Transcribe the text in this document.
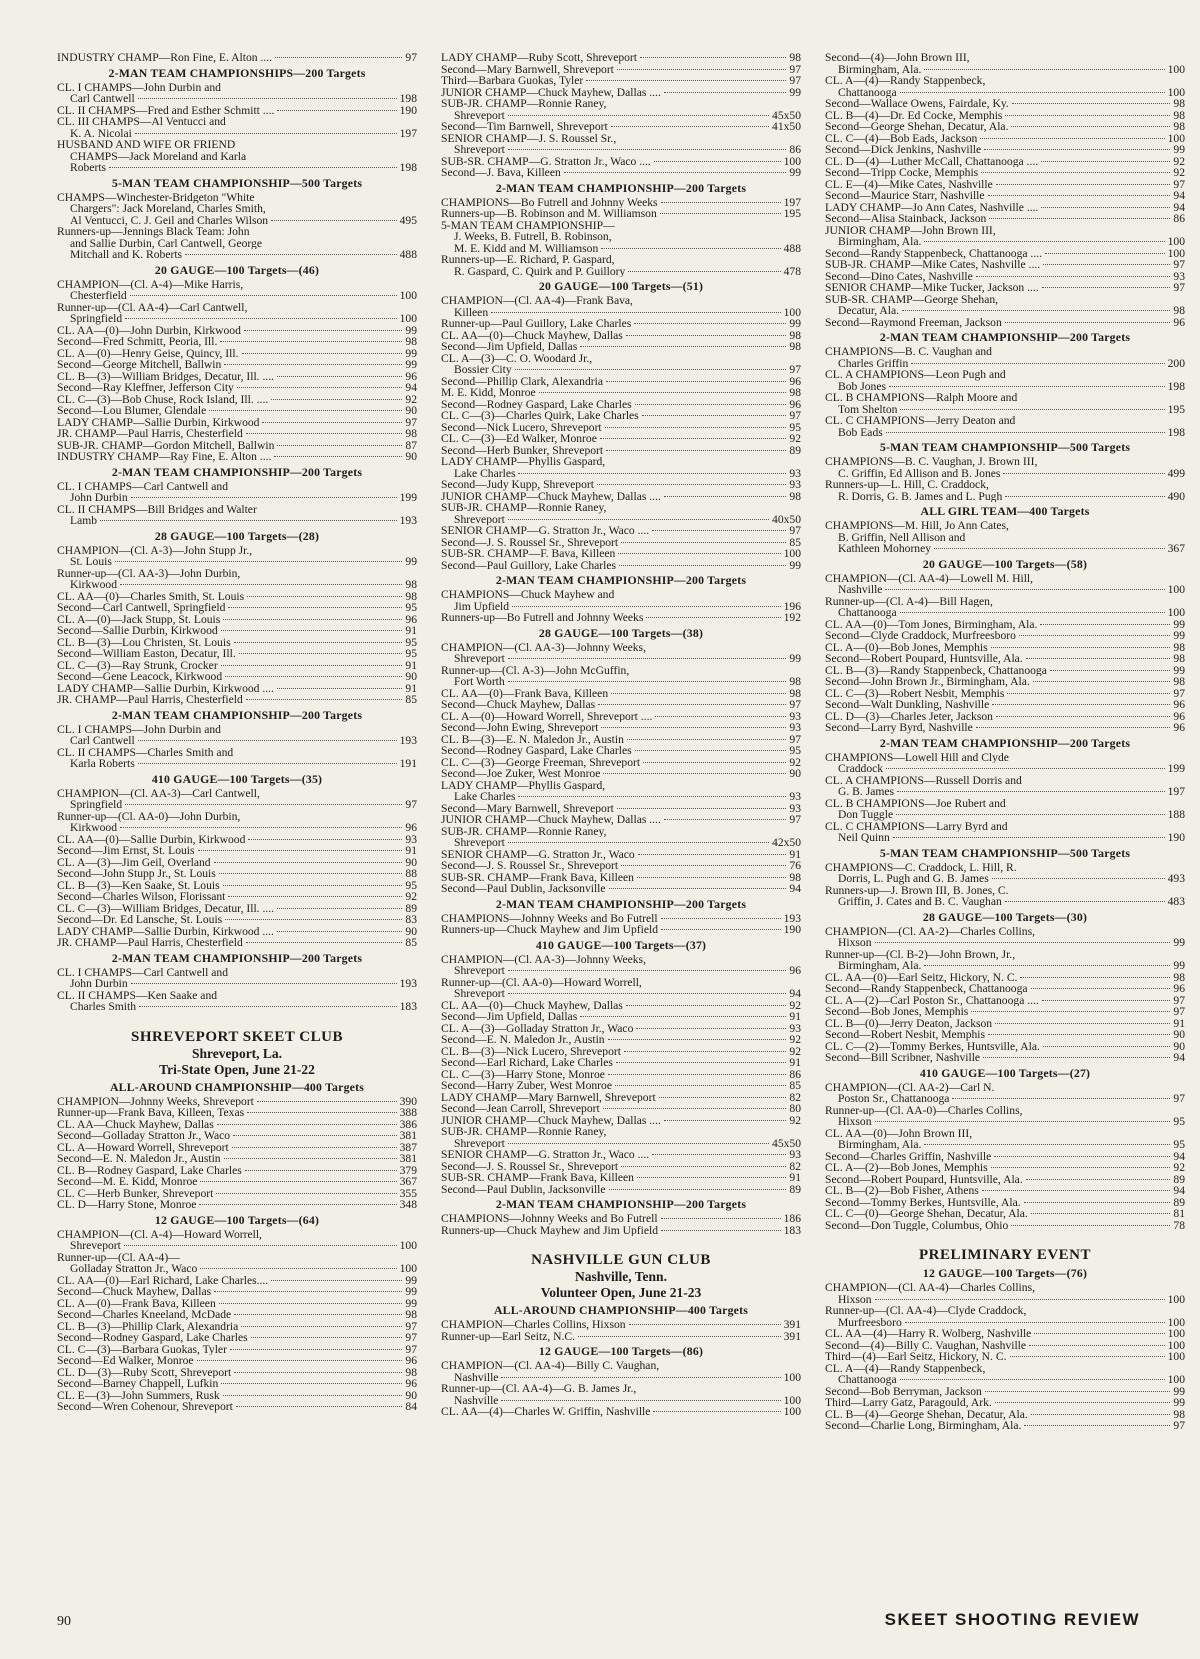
INDUSTRY CHAMP—Ron Fine, E. Alton ....	97
2-MAN TEAM CHAMPIONSHIPS—200 Targets
CL. I CHAMPS—John Durbin and
Carl Cantwell	198
CL. II CHAMPS—Fred and Esther Schmitt ....	190
CL. III CHAMPS—Al Ventucci and
K. A. Nicolai	197
HUSBAND AND WIFE OR FRIEND
CHAMPS—Jack Moreland and Karla
Roberts	198
5-MAN TEAM CHAMPIONSHIP—500 Targets
CHAMPS—Winchester-Bridgeton "White
Chargers": Jack Moreland, Charles Smith,
Al Ventucci, C. J. Geil and Charles Wilson	495
Runners-up—Jennings Black Team: John
and Sallie Durbin, Carl Cantwell, George
Mitchall and K. Roberts	488
20 GAUGE—100 Targets—(46)
CHAMPION—(Cl. A-4)—Mike Harris,
Chesterfield	100
Runner-up—(Cl. AA-4)—Carl Cantwell,
Springfield	100
CL. AA—(0)—John Durbin, Kirkwood	99
Second—Fred Schmitt, Peoria, Ill.	98
CL. A—(0)—Henry Geise, Quincy, Ill.	99
Second—George Mitchell, Ballwin	99
CL. B—(3)—William Bridges, Decatur, Ill. ....	96
Second—Ray Kleffner, Jefferson City	94
CL. C—(3)—Bob Chuse, Rock Island, Ill. ....	92
Second—Lou Blumer, Glendale	90
LADY CHAMP—Sallie Durbin, Kirkwood	97
JR. CHAMP—Paul Harris, Chesterfield	98
SUB-JR. CHAMP—Gordon Mitchell, Ballwin	87
INDUSTRY CHAMP—Ray Fine, E. Alton ....	90
2-MAN TEAM CHAMPIONSHIP—200 Targets
CL. I CHAMPS—Carl Cantwell and
John Durbin	199
CL. II CHAMPS—Bill Bridges and Walter
Lamb	193
28 GAUGE—100 Targets—(28)
CHAMPION—(Cl. A-3)—John Stupp Jr.,
St. Louis	99
Runner-up—(Cl. AA-3)—John Durbin,
Kirkwood	98
CL. AA—(0)—Charles Smith, St. Louis	98
Second—Carl Cantwell, Springfield	95
CL. A—(0)—Jack Stupp, St. Louis	96
Second—Sallie Durbin, Kirkwood	91
CL. B—(3)—Lou Christen, St. Louis	95
Second—William Easton, Decatur, Ill.	95
CL. C—(3)—Ray Strunk, Crocker	91
Second—Gene Leacock, Kirkwood	90
LADY CHAMP—Sallie Durbin, Kirkwood ....	91
JR. CHAMP—Paul Harris, Chesterfield	85
2-MAN TEAM CHAMPIONSHIP—200 Targets
CL. I CHAMPS—John Durbin and
Carl Cantwell	193
CL. II CHAMPS—Charles Smith and
Karla Roberts	191
410 GAUGE—100 Targets—(35)
CHAMPION—(Cl. AA-3)—Carl Cantwell,
Springfield	97
Runner-up—(Cl. AA-0)—John Durbin,
Kirkwood	96
CL. AA—(0)—Sallie Durbin, Kirkwood	93
Second—Jim Ernst, St. Louis	91
CL. A—(3)—Jim Geil, Overland	90
Second—John Stupp Jr., St. Louis	88
CL. B—(3)—Ken Saake, St. Louis	95
Second—Charles Wilson, Florissant	92
CL. C—(3)—William Bridges, Decatur, Ill. ....	89
Second—Dr. Ed Lansche, St. Louis	83
LADY CHAMP—Sallie Durbin, Kirkwood ....	90
JR. CHAMP—Paul Harris, Chesterfield	85
2-MAN TEAM CHAMPIONSHIP—200 Targets
CL. I CHAMPS—Carl Cantwell and
John Durbin	193
CL. II CHAMPS—Ken Saake and
Charles Smith	183
SHREVEPORT SKEET CLUB
Shreveport, La.
Tri-State Open, June 21-22
ALL-AROUND CHAMPIONSHIP—400 Targets
CHAMPION—Johnny Weeks, Shreveport	390
Runner-up—Frank Bava, Killeen, Texas	388
CL. AA—Chuck Mayhew, Dallas	386
Second—Golladay Stratton Jr., Waco	381
CL. A—Howard Worrell, Shreveport	387
Second—E. N. Maledon Jr., Austin	381
CL. B—Rodney Gaspard, Lake Charles	379
Second—M. E. Kidd, Monroe	367
CL. C—Herb Bunker, Shreveport	355
CL. D—Harry Stone, Monroe	348
12 GAUGE—100 Targets—(64)
CHAMPION—(Cl. A-4)—Howard Worrell,
Shreveport	100
Runner-up—(Cl. AA-4)—
Golladay Stratton Jr., Waco	100
CL. AA—(0)—Earl Richard, Lake Charles....	99
Second—Chuck Mayhew, Dallas	99
CL. A—(0)—Frank Bava, Killeen	99
Second—Charles Kneeland, McDade	98
CL. B—(3)—Phillip Clark, Alexandria	97
Second—Rodney Gaspard, Lake Charles	97
CL. C—(3)—Barbara Guokas, Tyler	97
Second—Ed Walker, Monroe	96
CL. D—(3)—Ruby Scott, Shreveport	98
Second—Barney Chappell, Lufkin	96
CL. E—(3)—John Summers, Rusk	90
Second—Wren Cohenour, Shreveport	84
LADY CHAMP—Ruby Scott, Shreveport	98
Second—Mary Barnwell, Shreveport	97
Third—Barbara Guokas, Tyler	97
JUNIOR CHAMP—Chuck Mayhew, Dallas ....	99
SUB-JR. CHAMP—Ronnie Raney,
Shreveport	45x50
Second—Tim Barnwell, Shreveport	41x50
SENIOR CHAMP—J. S. Roussel Sr.,
Shreveport	86
SUB-SR. CHAMP—G. Stratton Jr., Waco ....	100
Second—J. Bava, Killeen	99
2-MAN TEAM CHAMPIONSHIP—200 Targets
CHAMPIONS—Bo Futrell and Johnny Weeks	197
Runners-up—B. Robinson and M. Williamson	195
5-MAN TEAM CHAMPIONSHIP—
J. Weeks, B. Futrell, B. Robinson,
M. E. Kidd and M. Williamson	488
Runners-up—E. Richard, P. Gaspard,
R. Gaspard, C. Quirk and P. Guillory	478
20 GAUGE—100 Targets—(51)
CHAMPION—(Cl. AA-4)—Frank Bava,
Killeen	100
Runner-up—Paul Guillory, Lake Charles	99
CL. AA—(0)—Chuck Mayhew, Dallas	98
Second—Jim Upfield, Dallas	98
CL. A—(3)—C. O. Woodard Jr.,
Bossier City	97
Second—Phillip Clark, Alexandria	96
M. E. Kidd, Monroe	98
Second—Rodney Gaspard, Lake Charles	96
CL. C—(3)—Charles Quirk, Lake Charles	97
Second—Nick Lucero, Shreveport	95
CL. C—(3)—Ed Walker, Monroe	92
Second—Herb Bunker, Shreveport	89
LADY CHAMP—Phyllis Gaspard,
Lake Charles	93
Second—Judy Kupp, Shreveport	93
JUNIOR CHAMP—Chuck Mayhew, Dallas ....	98
SUB-JR. CHAMP—Ronnie Raney,
Shreveport	40x50
SENIOR CHAMP—G. Stratton Jr., Waco ....	97
Second—J. S. Roussel Sr., Shreveport	85
SUB-SR. CHAMP—F. Bava, Killeen	100
Second—Paul Guillory, Lake Charles	99
2-MAN TEAM CHAMPIONSHIP—200 Targets
CHAMPIONS—Chuck Mayhew and
Jim Upfield	196
Runners-up—Bo Futrell and Johnny Weeks	192
28 GAUGE—100 Targets—(38)
CHAMPION—(Cl. AA-3)—Johnny Weeks,
Shreveport	99
Runner-up—(Cl. A-3)—John McGuffin,
Fort Worth	98
CL. AA—(0)—Frank Bava, Killeen	98
Second—Chuck Mayhew, Dallas	97
CL. A—(0)—Howard Worrell, Shreveport ....	93
Second—John Ewing, Shreveport	93
CL. B—(3)—E. N. Maledon Jr., Austin	97
Second—Rodney Gaspard, Lake Charles	95
CL. C—(3)—George Freeman, Shreveport	92
Second—Joe Zuker, West Monroe	90
LADY CHAMP—Phyllis Gaspard,
Lake Charles	93
Second—Mary Barnwell, Shreveport	93
JUNIOR CHAMP—Chuck Mayhew, Dallas ....	97
SUB-JR. CHAMP—Ronnie Raney,
Shreveport	42x50
SENIOR CHAMP—G. Stratton Jr., Waco	91
Second—J. S. Roussel Sr., Shreveport	76
SUB-SR. CHAMP—Frank Bava, Killeen	98
Second—Paul Dublin, Jacksonville	94
2-MAN TEAM CHAMPIONSHIP—200 Targets
CHAMPIONS—Johnny Weeks and Bo Futrell	193
Runners-up—Chuck Mayhew and Jim Upfield	190
410 GAUGE—100 Targets—(37)
CHAMPION—(Cl. AA-3)—Johnny Weeks,
Shreveport	96
Runner-up—(Cl. AA-0)—Howard Worrell,
Shreveport	94
CL. AA—(0)—Chuck Mayhew, Dallas	92
Second—Jim Upfield, Dallas	91
CL. A—(3)—Golladay Stratton Jr., Waco	93
Second—E. N. Maledon Jr., Austin	92
CL. B—(3)—Nick Lucero, Shreveport	92
Second—Earl Richard, Lake Charles	91
CL. C—(3)—Harry Stone, Monroe	86
Second—Harry Zuber, West Monroe	85
LADY CHAMP—Mary Barnwell, Shreveport	82
Second—Jean Carroll, Shreveport	80
JUNIOR CHAMP—Chuck Mayhew, Dallas ....	92
SUB-JR. CHAMP—Ronnie Raney,
Shreveport	45x50
SENIOR CHAMP—G. Stratton Jr., Waco ....	93
Second—J. S. Roussel Sr., Shreveport	82
SUB-SR. CHAMP—Frank Bava, Killeen	91
Second—Paul Dublin, Jacksonville	89
2-MAN TEAM CHAMPIONSHIP—200 Targets
CHAMPIONS—Johnny Weeks and Bo Futrell	186
Runners-up—Chuck Mayhew and Jim Upfield	183
NASHVILLE GUN CLUB
Nashville, Tenn.
Volunteer Open, June 21-23
ALL-AROUND CHAMPIONSHIP—400 Targets
CHAMPION—Charles Collins, Hixson	391
Runner-up—Earl Seitz, N.C.	391
12 GAUGE—100 Targets—(86)
CHAMPION—(Cl. AA-4)—Billy C. Vaughan,
Nashville	100
Runner-up—(Cl. AA-4)—G. B. James Jr.,
Nashville	100
CL. AA—(4)—Charles W. Griffin, Nashville	100
Second—(4)—John Brown III,
Birmingham, Ala.	100
CL. A—(4)—Randy Stappenbeck,
Chattanooga	100
Second—Wallace Owens, Fairdale, Ky.	98
CL. B—(4)—Dr. Ed Cocke, Memphis	98
Second—George Shehan, Decatur, Ala.	98
CL. C—(4)—Bob Eads, Jackson	100
Second—Dick Jenkins, Nashville	99
CL. D—(4)—Luther McCall, Chattanooga ....	92
Second—Tripp Cocke, Memphis	92
CL. E—(4)—Mike Cates, Nashville	97
Second—Maurice Starr, Nashville	94
LADY CHAMP—Jo Ann Cates, Nashville ....	94
Second—Alisa Stainback, Jackson	86
JUNIOR CHAMP—John Brown III,
Birmingham, Ala.	100
Second—Randy Stappenbeck, Chattanooga ....	100
SUB-JR. CHAMP—Mike Cates, Nashville ....	97
Second—Dino Cates, Nashville	93
SENIOR CHAMP—Mike Tucker, Jackson ....	97
SUB-SR. CHAMP—George Shehan,
Decatur, Ala.	98
Second—Raymond Freeman, Jackson	96
2-MAN TEAM CHAMPIONSHIP—200 Targets
CHAMPIONS—B. C. Vaughan and
Charles Griffin	200
CL. A CHAMPIONS—Leon Pugh and
Bob Jones	198
CL. B CHAMPIONS—Ralph Moore and
Tom Shelton	195
CL. C CHAMPIONS—Jerry Deaton and
Bob Eads	198
5-MAN TEAM CHAMPIONSHIP—500 Targets
CHAMPIONS—B. C. Vaughan, J. Brown III,
C. Griffin, Ed Allison and B. Jones	499
Runners-up—L. Hill, C. Craddock,
R. Dorris, G. B. James and L. Pugh	490
ALL GIRL TEAM—400 Targets
CHAMPIONS—M. Hill, Jo Ann Cates,
B. Griffin, Nell Allison and
Kathleen Mohorney	367
20 GAUGE—100 Targets—(58)
CHAMPION—(Cl. AA-4)—Lowell M. Hill,
Nashville	100
Runner-up—(Cl. A-4)—Bill Hagen,
Chattanooga	100
CL. AA—(0)—Tom Jones, Birmingham, Ala.	99
Second—Clyde Craddock, Murfreesboro	99
CL. A—(0)—Bob Jones, Memphis	98
Second—Robert Poupard, Huntsville, Ala.	98
CL. B—(3)—Randy Stappenbeck, Chattanooga	99
Second—John Brown Jr., Birmingham, Ala.	98
CL. C—(3)—Robert Nesbit, Memphis	97
Second—Walt Dunkling, Nashville	96
CL. D—(3)—Charles Jeter, Jackson	96
Second—Larry Byrd, Nashville	96
2-MAN TEAM CHAMPIONSHIP—200 Targets
CHAMPIONS—Lowell Hill and Clyde
Craddock	199
CL. A CHAMPIONS—Russell Dorris and
G. B. James	197
CL. B CHAMPIONS—Joe Rubert and
Don Tuggle	188
CL. C CHAMPIONS—Larry Byrd and
Neil Quinn	190
5-MAN TEAM CHAMPIONSHIP—500 Targets
CHAMPIONS—C. Craddock, L. Hill, R.
Dorris, L. Pugh and G. B. James	493
Runners-up—J. Brown III, B. Jones, C.
Griffin, J. Cates and B. C. Vaughan	483
28 GAUGE—100 Targets—(30)
CHAMPION—(Cl. AA-2)—Charles Collins,
Hixson	99
Runner-up—(Cl. B-2)—John Brown, Jr.,
Birmingham, Ala.	99
CL. AA—(0)—Earl Seitz, Hickory, N. C.	98
Second—Randy Stappenbeck, Chattanooga	96
CL. A—(2)—Carl Poston Sr., Chattanooga ....	97
Second—Bob Jones, Memphis	97
CL. B—(0)—Jerry Deaton, Jackson	91
Second—Robert Nesbit, Memphis	90
CL. C—(2)—Tommy Berkes, Huntsville, Ala.	90
Second—Bill Scribner, Nashville	94
410 GAUGE—100 Targets—(27)
CHAMPION—(Cl. AA-2)—Carl N.
Poston Sr., Chattanooga	97
Runner-up—(Cl. AA-0)—Charles Collins,
Hixson	95
CL. AA—(0)—John Brown III,
Birmingham, Ala.	95
Second—Charles Griffin, Nashville	94
CL. A—(2)—Bob Jones, Memphis	92
Second—Robert Poupard, Huntsville, Ala.	89
CL. B—(2)—Bob Fisher, Athens	94
Second—Tommy Berkes, Huntsville, Ala.	89
CL. C—(0)—George Shehan, Decatur, Ala.	81
Second—Don Tuggle, Columbus, Ohio	78
PRELIMINARY EVENT
12 GAUGE—100 Targets—(76)
CHAMPION—(Cl. AA-4)—Charles Collins,
Hixson	100
Runner-up—(Cl. AA-4)—Clyde Craddock,
Murfreesboro	100
CL. AA—(4)—Harry R. Wolberg, Nashville	100
Second—(4)—Billy C. Vaughan, Nashville	100
Third—(4)—Earl Seitz, Hickory, N. C.	100
CL. A—(4)—Randy Stappenbeck,
Chattanooga	100
Second—Bob Berryman, Jackson	99
Third—Larry Gatz, Paragould, Ark.	99
CL. B—(4)—George Shehan, Decatur, Ala.	98
Second—Charlie Long, Birmingham, Ala.	97
90	SKEET SHOOTING REVIEW
